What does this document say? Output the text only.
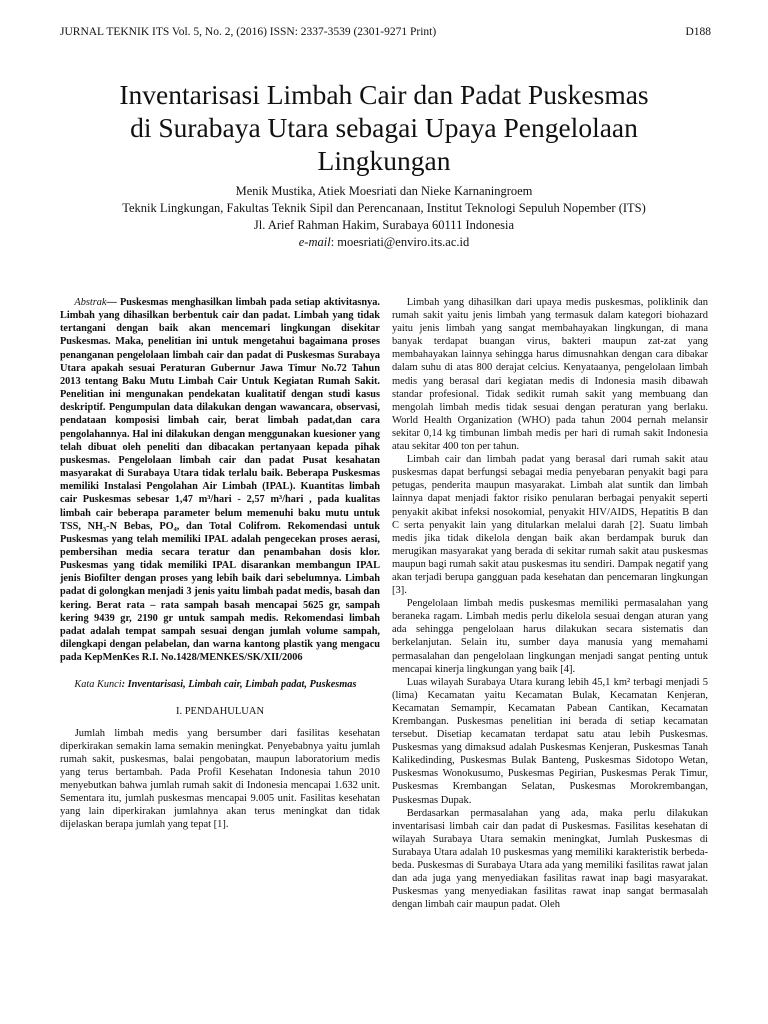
JURNAL TEKNIK ITS Vol. 5, No. 2, (2016) ISSN: 2337-3539 (2301-9271 Print)	D188
Inventarisasi Limbah Cair dan Padat Puskesmas
di Surabaya Utara sebagai Upaya Pengelolaan
Lingkungan
Menik Mustika, Atiek Moesriati dan Nieke Karnaningroem
Teknik Lingkungan, Fakultas Teknik Sipil dan Perencanaan, Institut Teknologi Sepuluh Nopember (ITS)
Jl. Arief Rahman Hakim, Surabaya 60111 Indonesia
e-mail: moesriati@enviro.its.ac.id

Abstrak— Puskesmas menghasilkan limbah pada setiap aktivitasnya. Limbah yang dihasilkan berbentuk cair dan padat. Limbah yang tidak tertangani dengan baik akan mencemari lingkungan disekitar Puskesmas. Maka, penelitian ini untuk mengetahui bagaimana proses penanganan pengelolaan limbah cair dan padat di Puskesmas Surabaya Utara apakah sesuai Peraturan Gubernur Jawa Timur No.72 Tahun 2013 tentang Baku Mutu Limbah Cair Untuk Kegiatan Rumah Sakit. Penelitian ini mengunakan pendekatan kualitatif dengan studi kasus deskriptif. Pengumpulan data dilakukan dengan wawancara, observasi, pendataan komposisi limbah cair, berat limbah padat,dan cara pengolahannya. Hal ini dilakukan dengan menggunakan kuesioner yang telah dibuat oleh peneliti dan dibacakan pertanyaan kepada pihak puskesmas. Pengelolaan limbah cair dan padat Pusat kesahatan masyarakat di Surabaya Utara tidak terlalu baik. Beberapa Puskesmas memiliki Instalasi Pengolahan Air Limbah (IPAL). Kuantitas limbah cair Puskesmas sebesar 1,47 m³/hari - 2,57 m³/hari , pada kualitas limbah cair beberapa parameter belum memenuhi baku mutu untuk TSS, NH₃-N Bebas, PO₄, dan Total Colifrom. Rekomendasi untuk Puskesmas yang telah memiliki IPAL adalah pengecekan proses aerasi, pembersihan media secara teratur dan penambahan dosis klor. Puskesmas yang tidak memiliki IPAL disarankan membangun IPAL jenis Biofilter dengan proses yang lebih baik dari sebelumnya. Limbah padat di golongkan menjadi 3 jenis yaitu limbah padat medis, basah dan kering. Berat rata – rata sampah basah mencapai 5625 gr, sampah kering 9439 gr, 2190 gr untuk sampah medis. Rekomendasi limbah padat adalah tempat sampah sesuai dengan jumlah volume sampah, dilengkapi dengan pelabelan, dan warna kantong plastik yang mengacu pada KepMenKes R.I. No.1428/MENKES/SK/XII/2006

Kata Kunci: Inventarisasi, Limbah cair, Limbah padat, Puskesmas

I. PENDAHULUAN

Jumlah limbah medis yang bersumber dari fasilitas kesehatan diperkirakan semakin lama semakin meningkat. Penyebabnya yaitu jumlah rumah sakit, puskesmas, balai pengobatan, maupun laboratorium medis yang terus bertambah. Pada Profil Kesehatan Indonesia tahun 2010 menyebutkan bahwa jumlah rumah sakit di Indonesia mencapai 1.632 unit. Sementara itu, jumlah puskesmas mencapai 9.005 unit. Fasilitas kesehatan yang lain diperkirakan jumlahnya akan terus meningkat dan tidak dijelaskan berapa jumlah yang tepat [1].

Limbah yang dihasilkan dari upaya medis puskesmas, poliklinik dan rumah sakit yaitu jenis limbah yang termasuk dalam kategori biohazard yaitu jenis limbah yang sangat membahayakan lingkungan, di mana banyak terdapat buangan virus, bakteri maupun zat-zat yang membahayakan lainnya sehingga harus dimusnahkan dengan cara dibakar dalam suhu di atas 800 derajat celcius. Kenyataanya, pengelolaan limbah medis yang berasal dari kegiatan medis di Indonesia masih dibawah standar profesional. Tidak sedikit rumah sakit yang membuang dan mengolah limbah medis tidak sesuai dengan peraturan yang berlaku. World Health Organization (WHO) pada tahun 2004 pernah melansir sekitar 0,14 kg timbunan limbah medis per hari di rumah sakit Indonesia atau sekitar 400 ton per tahun.

Limbah cair dan limbah padat yang berasal dari rumah sakit atau puskesmas dapat berfungsi sebagai media penyebaran penyakit bagi para petugas, penderita maupun masyarakat. Limbah alat suntik dan limbah lainnya dapat menjadi faktor risiko penularan berbagai penyakit seperti penyakit akibat infeksi nosokomial, penyakit HIV/AIDS, Hepatitis B dan C serta penyakit lain yang ditularkan melalui darah [2]. Suatu limbah medis jika tidak dikelola dengan baik akan berdampak buruk dan merugikan masyarakat yang berada di sekitar rumah sakit atau puskesmas maupun bagi rumah sakit atau puskesmas itu sendiri. Dampak negatif yang akan terjadi berupa gangguan pada kesehatan dan pencemaran lingkungan [3].

Pengelolaan limbah medis puskesmas memiliki permasalahan yang beraneka ragam. Limbah medis perlu dikelola sesuai dengan aturan yang ada sehingga pengelolaan harus dilakukan secara sistematis dan berkelanjutan. Selain itu, sumber daya manusia yang memahami permasalahan dan pengelolaan lingkungan menjadi sangat penting untuk mencapai kinerja lingkungan yang baik [4].

Luas wilayah Surabaya Utara kurang lebih 45,1 km² terbagi menjadi 5 (lima) Kecamatan yaitu Kecamatan Bulak, Kecamatan Kenjeran, Kecamatan Semampir, Kecamatan Pabean Cantikan, Kecamatan Krembangan. Puskesmas penelitian ini berada di setiap kecamatan tersebut. Disetiap kecamatan terdapat satu atau lebih Puskesmas. Puskesmas yang dimaksud adalah Puskesmas Kenjeran, Puskesmas Tanah Kalikedinding, Puskesmas Bulak Banteng, Puskesmas Sidotopo Wetan, Puskesmas Wonokusumo, Puskesmas Pegirian, Puskesmas Perak Timur, Puskesmas Krembangan Selatan, Puskesmas Morokrembangan, Puskesmas Dupak.

Berdasarkan permasalahan yang ada, maka perlu dilakukan inventarisasi limbah cair dan padat di Puskesmas. Fasilitas kesehatan di wilayah Surabaya Utara semakin meningkat, Jumlah Puskesmas di Surabaya Utara adalah 10 puskesmas yang memiliki karakteristik berbeda-beda. Puskesmas di Surabaya Utara ada yang memiliki fasilitas rawat jalan dan ada juga yang menyediakan fasilitas rawat inap bagi masyarakat. Puskesmas yang menyediakan fasilitas rawat inap sangat bermasalah dengan limbah cair maupun padat. Oleh
